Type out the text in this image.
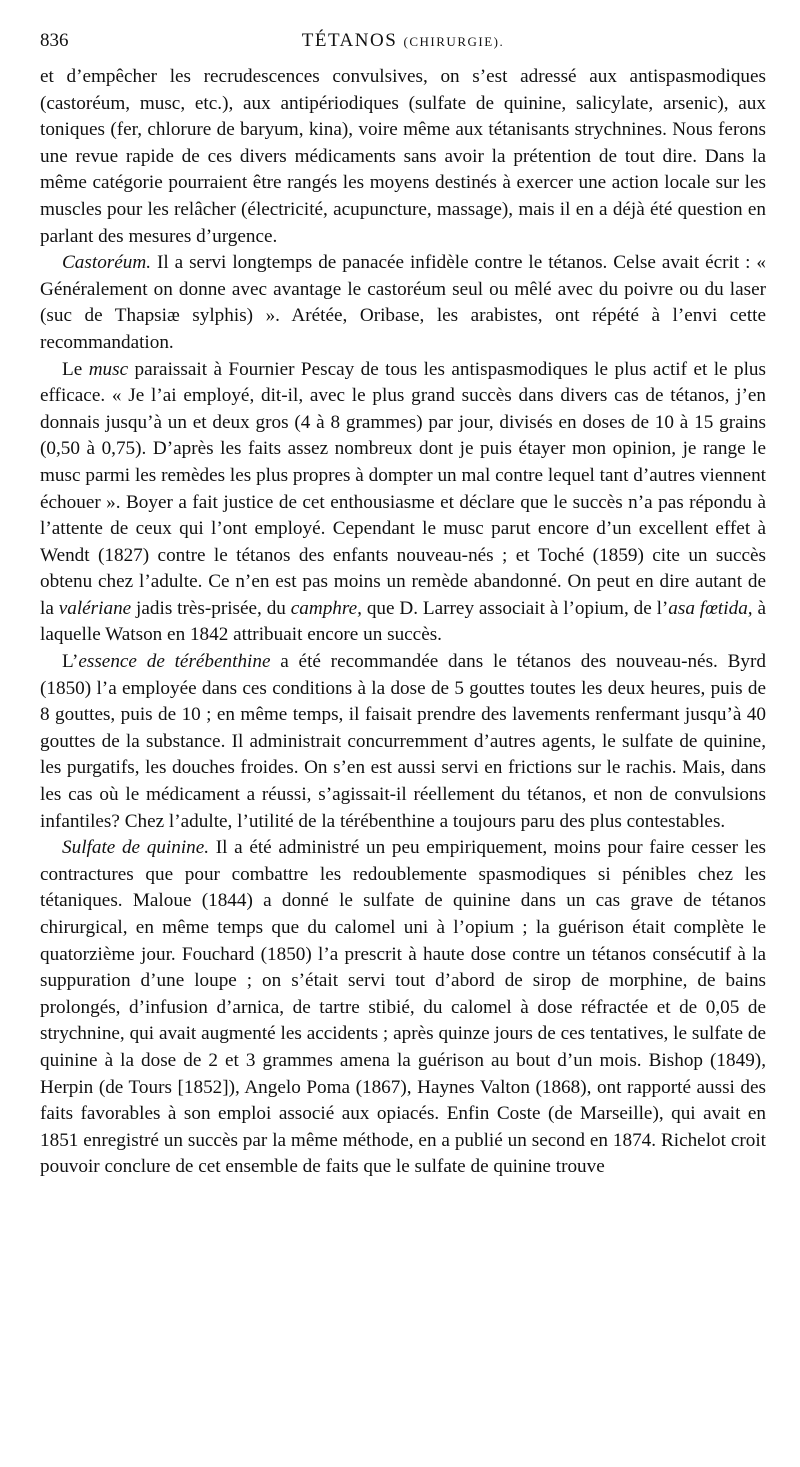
836	TÉTANOS (CHIRURGIE).

et d’empêcher les recrudescences convulsives, on s’est adressé aux antispasmodiques (castoréum, musc, etc.), aux antipériodiques (sulfate de quinine, salicylate, arsenic), aux toniques (fer, chlorure de baryum, kina), voire même aux tétanisants strychnines. Nous ferons une revue rapide de ces divers médicaments sans avoir la prétention de tout dire. Dans la même catégorie pourraient être rangés les moyens destinés à exercer une action locale sur les muscles pour les relâcher (électricité, acupuncture, massage), mais il en a déjà été question en parlant des mesures d’urgence.

Castoréum. Il a servi longtemps de panacée infidèle contre le tétanos. Celse avait écrit : « Généralement on donne avec avantage le castoréum seul ou mêlé avec du poivre ou du laser (suc de Thapsiæ sylphis) ». Arétée, Oribase, les arabistes, ont répété à l’envi cette recommandation.

Le musc paraissait à Fournier Pescay de tous les antispasmodiques le plus actif et le plus efficace. « Je l’ai employé, dit-il, avec le plus grand succès dans divers cas de tétanos, j’en donnais jusqu’à un et deux gros (4 à 8 grammes) par jour, divisés en doses de 10 à 15 grains (0,50 à 0,75). D’après les faits assez nombreux dont je puis étayer mon opinion, je range le musc parmi les remèdes les plus propres à dompter un mal contre lequel tant d’autres viennent échouer ». Boyer a fait justice de cet enthousiasme et déclare que le succès n’a pas répondu à l’attente de ceux qui l’ont employé. Cependant le musc parut encore d’un excellent effet à Wendt (1827) contre le tétanos des enfants nouveau-nés ; et Toché (1859) cite un succès obtenu chez l’adulte. Ce n’en est pas moins un remède abandonné. On peut en dire autant de la valériane jadis très-prisée, du camphre, que D. Larrey associait à l’opium, de l’asa fœtida, à laquelle Watson en 1842 attribuait encore un succès.

L’essence de térébenthine a été recommandée dans le tétanos des nouveau-nés. Byrd (1850) l’a employée dans ces conditions à la dose de 5 gouttes toutes les deux heures, puis de 8 gouttes, puis de 10 ; en même temps, il faisait prendre des lavements renfermant jusqu’à 40 gouttes de la substance. Il administrait concurremment d’autres agents, le sulfate de quinine, les purgatifs, les douches froides. On s’en est aussi servi en frictions sur le rachis. Mais, dans les cas où le médicament a réussi, s’agissait-il réellement du tétanos, et non de convulsions infantiles? Chez l’adulte, l’utilité de la térébenthine a toujours paru des plus contestables.

Sulfate de quinine. Il a été administré un peu empiriquement, moins pour faire cesser les contractures que pour combattre les redoublemente spasmodiques si pénibles chez les tétaniques. Maloue (1844) a donné le sulfate de quinine dans un cas grave de tétanos chirurgical, en même temps que du calomel uni à l’opium ; la guérison était complète le quatorzième jour. Fouchard (1850) l’a prescrit à haute dose contre un tétanos consécutif à la suppuration d’une loupe ; on s’était servi tout d’abord de sirop de morphine, de bains prolongés, d’infusion d’arnica, de tartre stibié, du calomel à dose réfractée et de 0,05 de strychnine, qui avait augmenté les accidents ; après quinze jours de ces tentatives, le sulfate de quinine à la dose de 2 et 3 grammes amena la guérison au bout d’un mois. Bishop (1849), Herpin (de Tours [1852]), Angelo Poma (1867), Haynes Valton (1868), ont rapporté aussi des faits favorables à son emploi associé aux opiacés. Enfin Coste (de Marseille), qui avait en 1851 enregistré un succès par la même méthode, en a publié un second en 1874. Richelot croit pouvoir conclure de cet ensemble de faits que le sulfate de quinine trouve
